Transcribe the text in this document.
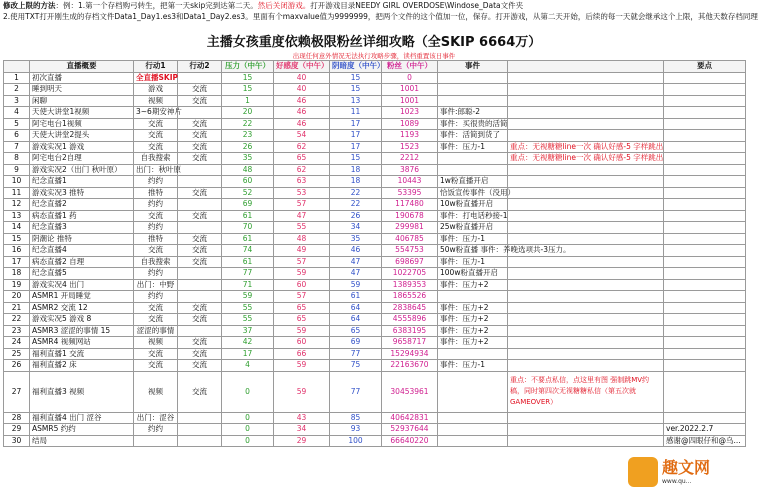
修改上限的方法：例：1.第一个存档购弓转生，把第一天skip完到达第二天。然后关闭游戏。打开游戏目录NEEDY GIRL OVERDOSE\Windose_Data文件夹
2.使用TXT打开刚生成的存档文件Data1_Day1.es3和Data1_Day2.es3。里面有个maxvalue值为9999999，把两个文件的这个值加一位，保存。打开游戏，从第二天开始，后续的每一天就会继承这个上限，其他天数存档同理
主播女孩重度依赖极限粉丝详细攻略（全SKIP 6664万）
出现任何意外情况无法执行攻略步骤，读档重置该日事件
	直播概要	行动1	行动2	压力（中午）	好感度（中午）	阴暗度（中午）	粉丝（中午）	事件		要点
1	初次直播	全直播SKIP		15	40	15	0			
2	睡到明天	游戏	交流	15	40	15	1001			
3	闲聊	视频	交流	1	46	13	1001			
4	天使大讲堂1视频	3~6期安神片		20	46	11	1023	事件:郎聪-2		
5	阿宅电台1视频	交流	交流	22	46	17	1089	事件：买很贵的活简		
6	天使大讲堂2提头	交流	交流	23	54	17	1193	事件：活简到货了		
7	游戏实况1 游戏	交流	交流	26	62	17	1523	事件：压力-1	重点：无视糖糖line一次 确认好感-5 字样跳出	
8	阿宅电台2自理	自我搜索	交流	35	65	15	2212		重点：无视糖糖line一次 确认好感-5 字样跳出	
9	游戏实况2（出门 秋叶原）	出门：秋叶原		48	62	18	3876			
10	纪念直播1	约约		60	63	18	10443	1w粉直播开启		
11	游戏实况3 推特	推特	交流	52	53	22	53395	恰饭宣传事件（没用）		
12	纪念直播2	约约		69	57	22	117480	10w粉直播开启		
13	病态直播1 药	交流	交流	61	47	26	190678	事件：打电话秒接-1		
14	纪念直播3	约约		70	55	34	299981	25w粉直播开启		
15	阴潮论 推特	推特	交流	61	48	35	406785	事件：压力-1		
16	纪念直播4	交流	交流	74	49	46	554753	50w粉直播 事件：养晚选项共-3压力。		
17	病态直播2 自理	自我搜索	交流	61	57	47	698697	事件：压力-1		
18	纪念直播5	约约		77	59	47	1022705	100w粉直播开启		
19	游戏实况4 出门	出门：中野		71	60	59	1389353	事件：压力+2		
20	ASMR1 开局睡觉	约约		59	57	61	1865526			
21	ASMR2 交流 12	交流	交流	55	65	64	2838645	事件：压力+2		
22	游戏实况5 游戏 8	交流	交流	55	65	64	4555896	事件：压力+2		
23	ASMR3 涩涩的事情 15	涩涩的事情		37	59	65	6383195	事件：压力+2		
24	ASMR4 视频网站	视频	交流	42	60	69	9658717	事件：压力+2		
25	福利直播1 交流	交流	交流	17	66	77	15294934			
26	福利直播2 床	交流	交流	4	59	75	22163670	事件：压力-1		
27	福利直播3 视频	视频	交流	0	59	77	30453961		重点：不要点私信，点这里有图 强制跳MV约稿，同时第四次无视糖糖私信（第五次就GAMEOVER）	
28	福利直播4 出门 涩谷	出门：涩谷		0	43	85	40642831			
29	ASMR5 约约	约约		0	34	93	52937644			ver.2022.2.7
30	结局			0	29	100	66640220			感谢@四眼仔和@乌...
趣文网
www.qu...
